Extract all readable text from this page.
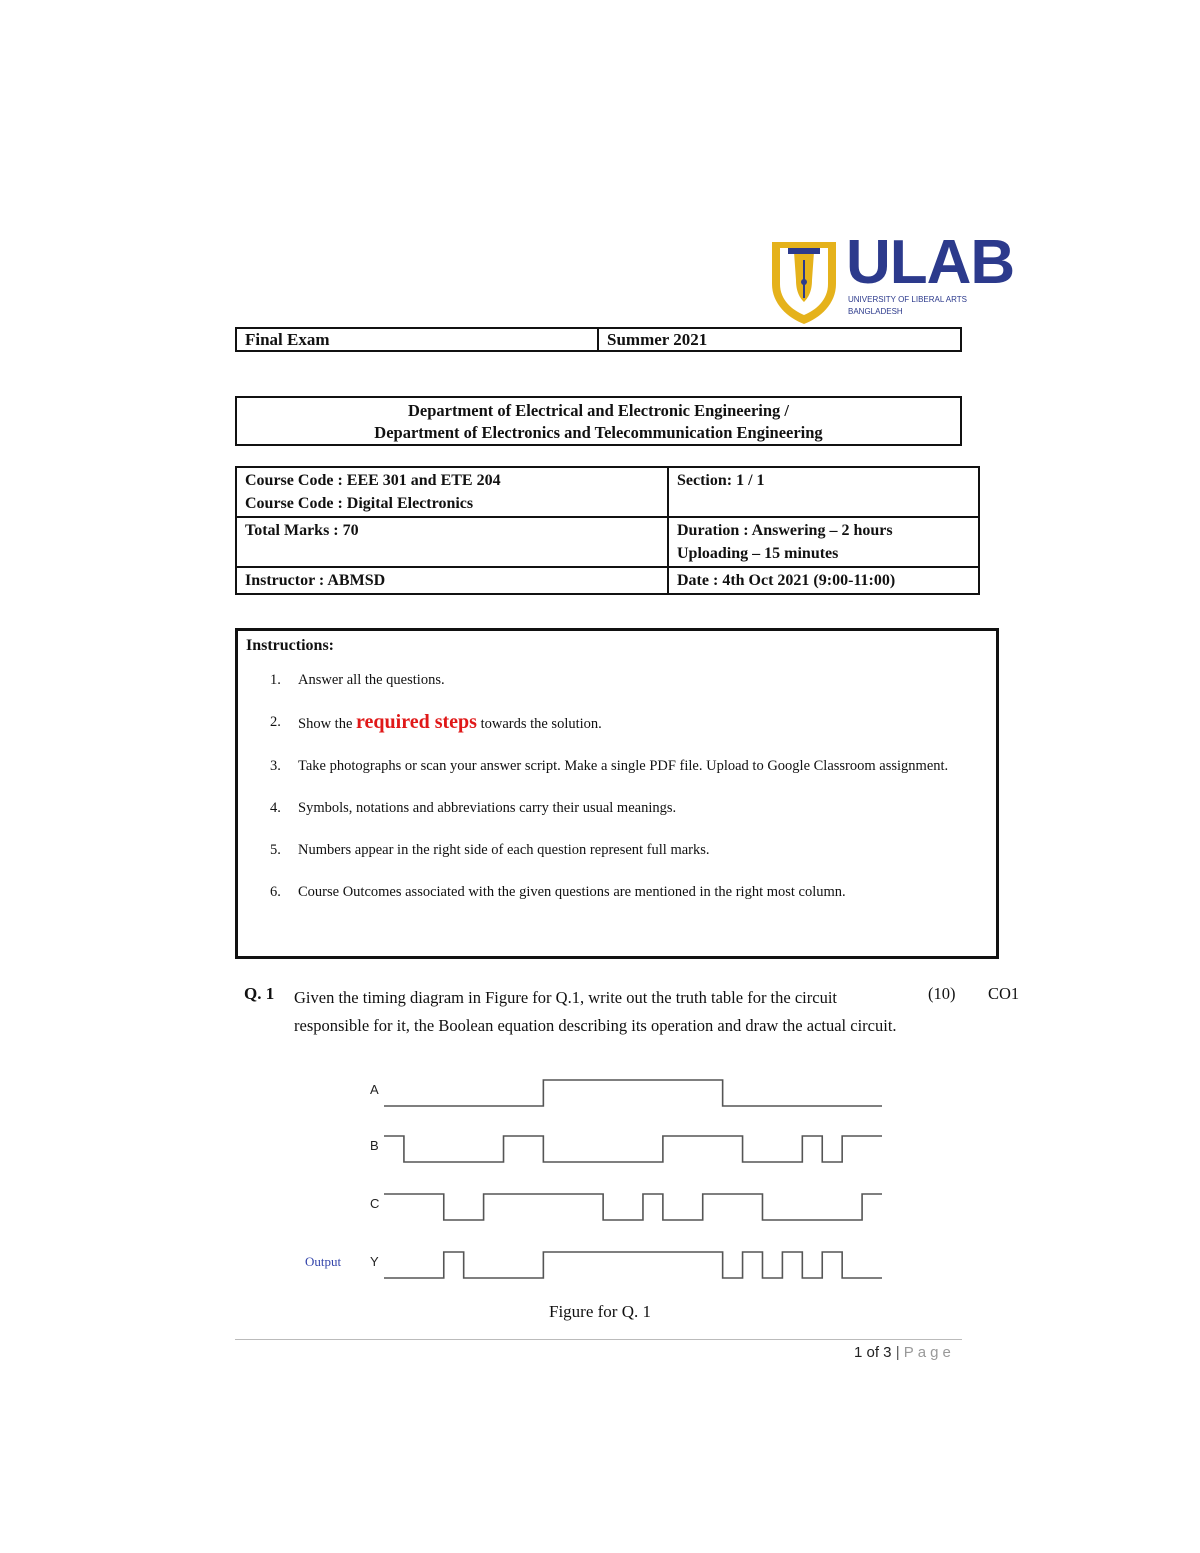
ULAB
UNIVERSITY OF LIBERAL ARTS
BANGLADESH
Final Exam	Summer 2021
Department of Electrical and Electronic Engineering /
Department of Electronics and Telecommunication Engineering
Course Code : EEE 301 and ETE 204
Course Code : Digital Electronics	Section: 1 / 1

Total Marks : 70	Duration : Answering – 2 hours
Uploading – 15 minutes

Instructor : ABMSD	Date : 4th Oct 2021 (9:00-11:00)
Instructions:
1. Answer all the questions.
2. Show the required steps towards the solution.
3. Take photographs or scan your answer script. Make a single PDF file. Upload to Google Classroom assignment.
4. Symbols, notations and abbreviations carry their usual meanings.
5. Numbers appear in the right side of each question represent full marks.
6. Course Outcomes associated with the given questions are mentioned in the right most column.
Q. 1 Given the timing diagram in Figure for Q.1, write out the truth table for the circuit responsible for it, the Boolean equation describing its operation and draw the actual circuit.
(10) CO1
A
B
C
Y
Output
Figure for Q. 1
1 of 3 | Page
